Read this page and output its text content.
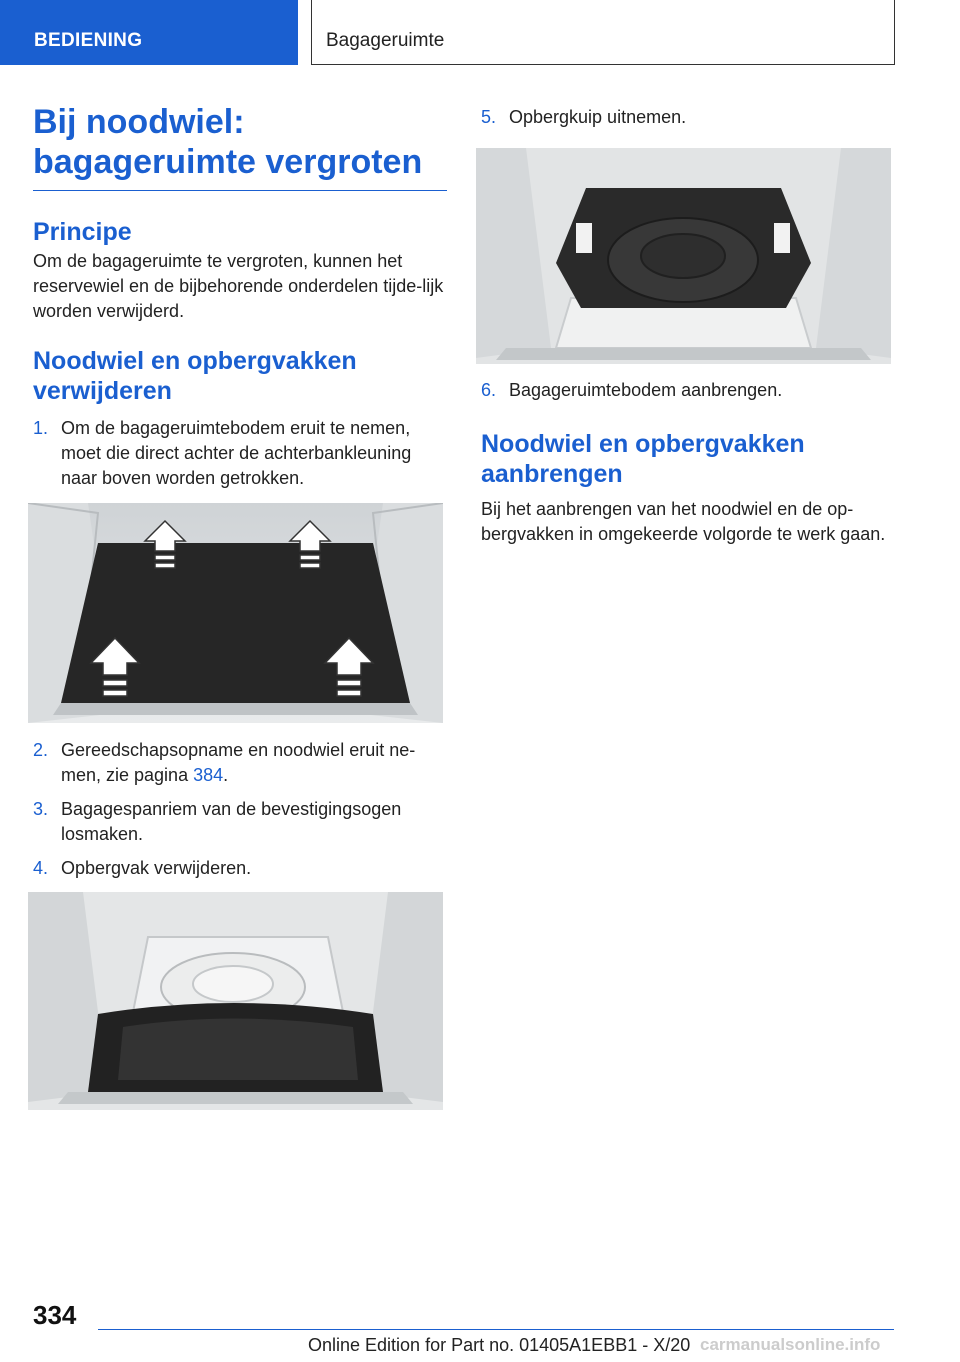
BEDIENING	Bagageruimte
Bij noodwiel: bagageruimte vergroten
Principe

Om de bagageruimte te vergroten, kunnen het reservewiel en de bijbehorende onderdelen tijde-lijk worden verwijderd.

Noodwiel en opbergvakken verwijderen
1. Om de bagageruimtebodem eruit te nemen, moet die direct achter de achterbankleuning naar boven worden getrokken.
2. Gereedschapsopname en noodwiel eruit ne-men, zie pagina 384.
3. Bagagespanriem van de bevestigingsogen losmaken.
4. Opbergvak verwijderen.
5. Opbergkuip uitnemen.
6. Bagageruimtebodem aanbrengen.
Noodwiel en opbergvakken aanbrengen

Bij het aanbrengen van het noodwiel en de op-bergvakken in omgekeerde volgorde te werk gaan.

334
Online Edition for Part no. 01405A1EBB1 - X/20 carmanualsonline.info
